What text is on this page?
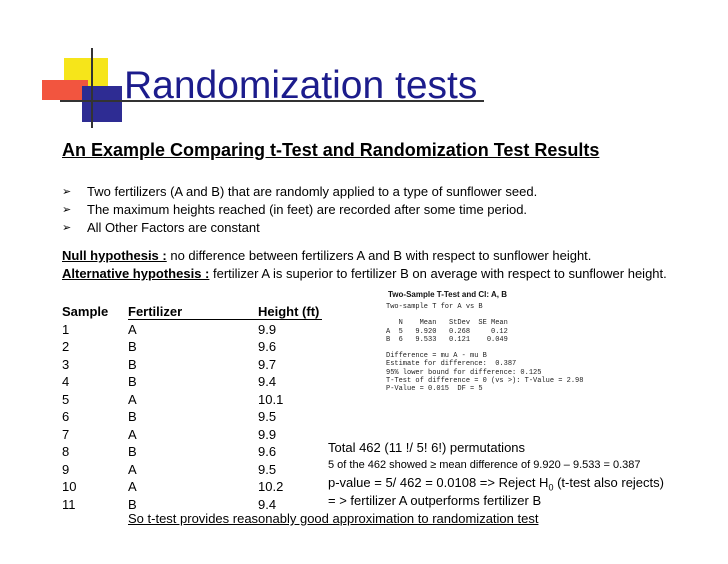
Randomization tests
An Example Comparing t-Test and Randomization Test Results
➢	Two fertilizers (A and B) that are randomly applied to a type of sunflower seed.
➢	The maximum heights reached (in feet) are recorded after some time period.
➢	All Other Factors are constant
Null hypothesis : no difference between fertilizers A and B with respect to sunflower height.
Alternative hypothesis : fertilizer A is superior to fertilizer B on average with respect to sunflower height.
Sample Fertilizer	Height (ft)
1	A	9.9
2	B	9.6
3	B	9.7
4	B	9.4
5	A	10.1
6	B	9.5
7	A	9.9
8	B	9.6
9	A	9.5
10	A	10.2
11	B	9.4
Total 462 (11 !/ 5! 6!) permutations
5 of the 462 showed ≥ mean difference of 9.920 – 9.533 = 0.387
p-value = 5/ 462 = 0.0108 => Reject $H_0$ (t-test also rejects)
= > fertilizer A outperforms fertilizer B
So t-test provides reasonably good approximation to randomization test
Two-Sample T-Test and CI: A, B
Two-sample T for A vs B
N    Mean   StDev  SE Mean
A  5   9.920   0.268     0.12
B  6   9.533   0.121    0.049
Difference = mu A - mu B
Estimate for difference:  0.387
95% lower bound for difference: 0.125
T-Test of difference = 0 (vs >): T-Value = 2.98
P-Value = 0.015  DF = 5
